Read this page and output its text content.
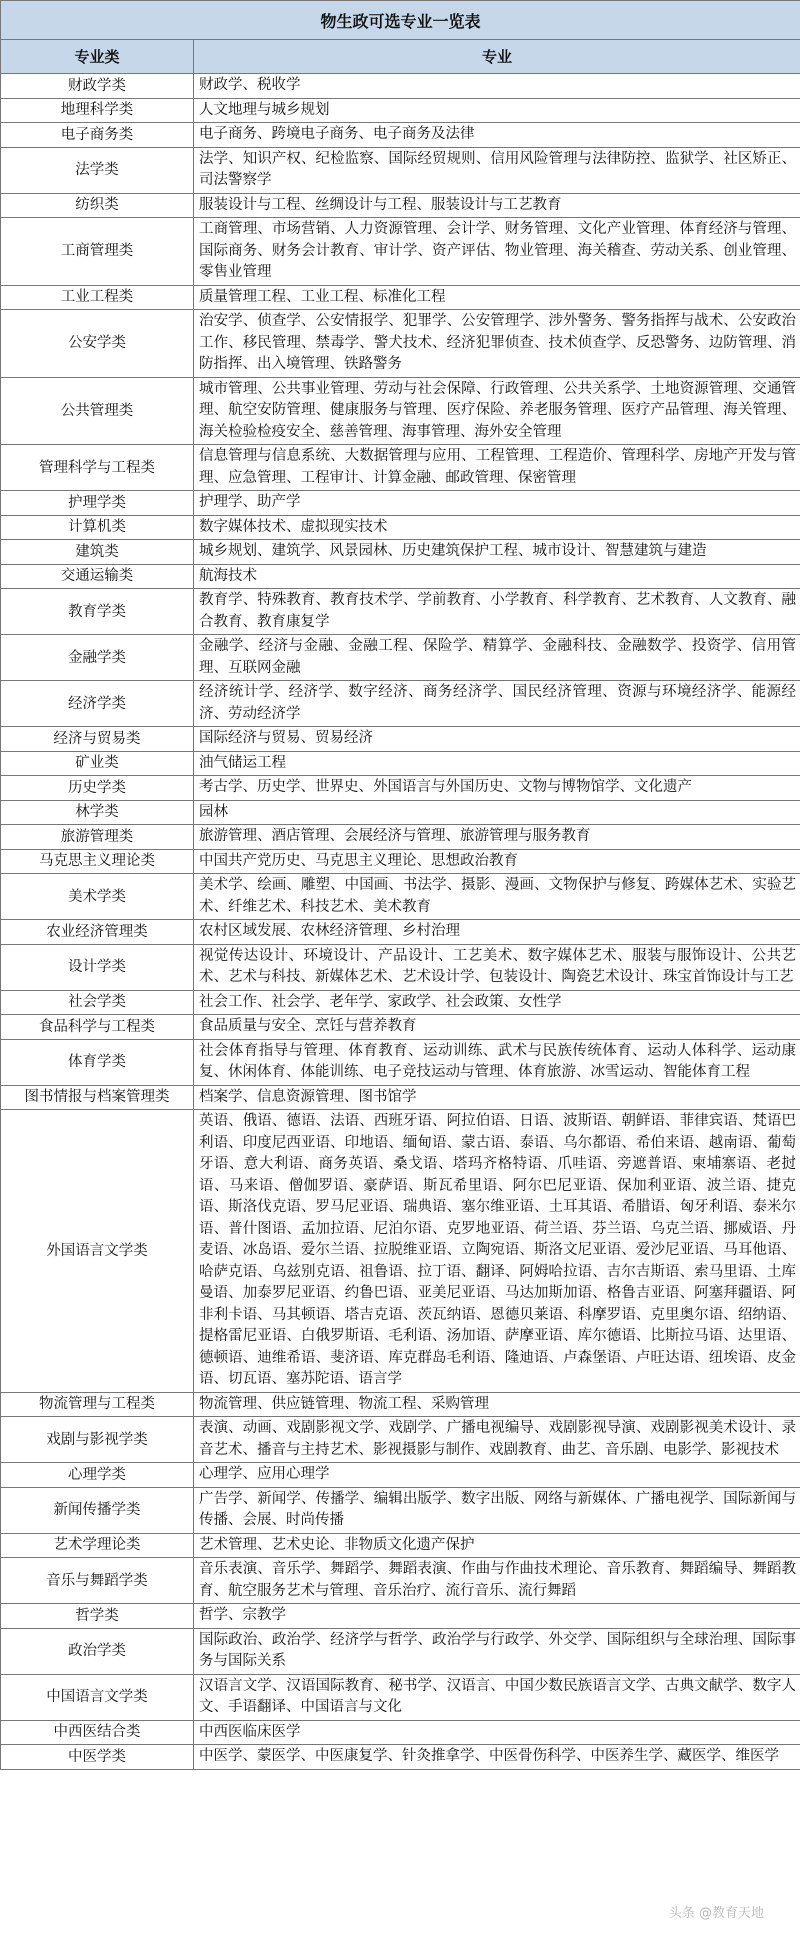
物生政可选专业一览表	
专业类	专业
财政学类	财政学、税收学
地理科学类	人文地理与城乡规划
电子商务类	电子商务、跨境电子商务、电子商务及法律
法学类	法学、知识产权、纪检监察、国际经贸规则、信用风险管理与法律防控、监狱学、社区矫正、司法警察学
纺织类	服装设计与工程、丝绸设计与工程、服装设计与工艺教育
工商管理类	工商管理、市场营销、人力资源管理、会计学、财务管理、文化产业管理、体育经济与管理、国际商务、财务会计教育、审计学、资产评估、物业管理、海关稽查、劳动关系、创业管理、零售业管理
工业工程类	质量管理工程、工业工程、标准化工程
公安学类	治安学、侦查学、公安情报学、犯罪学、公安管理学、涉外警务、警务指挥与战术、公安政治工作、移民管理、禁毒学、警犬技术、经济犯罪侦查、技术侦查学、反恐警务、边防管理、消防指挥、出入境管理、铁路警务
公共管理类	城市管理、公共事业管理、劳动与社会保障、行政管理、公共关系学、土地资源管理、交通管理、航空安防管理、健康服务与管理、医疗保险、养老服务管理、医疗产品管理、海关管理、海关检验检疫安全、慈善管理、海事管理、海外安全管理
管理科学与工程类	信息管理与信息系统、大数据管理与应用、工程管理、工程造价、管理科学、房地产开发与管理、应急管理、工程审计、计算金融、邮政管理、保密管理
护理学类	护理学、助产学
计算机类	数字媒体技术、虚拟现实技术
建筑类	城乡规划、建筑学、风景园林、历史建筑保护工程、城市设计、智慧建筑与建造
交通运输类	航海技术
教育学类	教育学、特殊教育、教育技术学、学前教育、小学教育、科学教育、艺术教育、人文教育、融合教育、教育康复学
金融学类	金融学、经济与金融、金融工程、保险学、精算学、金融科技、金融数学、投资学、信用管理、互联网金融
经济学类	经济统计学、经济学、数字经济、商务经济学、国民经济管理、资源与环境经济学、能源经济、劳动经济学
经济与贸易类	国际经济与贸易、贸易经济
矿业类	油气储运工程
历史学类	考古学、历史学、世界史、外国语言与外国历史、文物与博物馆学、文化遗产
林学类	园林
旅游管理类	旅游管理、酒店管理、会展经济与管理、旅游管理与服务教育
马克思主义理论类	中国共产党历史、马克思主义理论、思想政治教育
美术学类	美术学、绘画、雕塑、中国画、书法学、摄影、漫画、文物保护与修复、跨媒体艺术、实验艺术、纤维艺术、科技艺术、美术教育
农业经济管理类	农村区域发展、农林经济管理、乡村治理
设计学类	视觉传达设计、环境设计、产品设计、工艺美术、数字媒体艺术、服装与服饰设计、公共艺术、艺术与科技、新媒体艺术、艺术设计学、包装设计、陶瓷艺术设计、珠宝首饰设计与工艺
社会学类	社会工作、社会学、老年学、家政学、社会政策、女性学
食品科学与工程类	食品质量与安全、烹饪与营养教育
体育学类	社会体育指导与管理、体育教育、运动训练、武术与民族传统体育、运动人体科学、运动康复、休闲体育、体能训练、电子竞技运动与管理、体育旅游、冰雪运动、智能体育工程
图书情报与档案管理类	档案学、信息资源管理、图书馆学
外国语言文学类	英语、俄语、德语、法语、西班牙语、阿拉伯语、日语、波斯语、朝鲜语、菲律宾语、梵语巴利语、印度尼西亚语、印地语、缅甸语、蒙古语、泰语、乌尔都语、希伯来语、越南语、葡萄牙语、意大利语、商务英语、桑戈语、塔玛齐格特语、爪哇语、旁遮普语、柬埔寨语、老挝语、马来语、僧伽罗语、豪萨语、斯瓦希里语、阿尔巴尼亚语、保加利亚语、波兰语、捷克语、斯洛伐克语、罗马尼亚语、瑞典语、塞尔维亚语、土耳其语、希腊语、匈牙利语、泰米尔语、普什图语、孟加拉语、尼泊尔语、克罗地亚语、荷兰语、芬兰语、乌克兰语、挪威语、丹麦语、冰岛语、爱尔兰语、拉脱维亚语、立陶宛语、斯洛文尼亚语、爱沙尼亚语、马耳他语、哈萨克语、乌兹别克语、祖鲁语、拉丁语、翻译、阿姆哈拉语、吉尔吉斯语、索马里语、土库曼语、加泰罗尼亚语、约鲁巴语、亚美尼亚语、马达加斯加语、格鲁吉亚语、阿塞拜疆语、阿非利卡语、马其顿语、塔吉克语、茨瓦纳语、恩德贝莱语、科摩罗语、克里奥尔语、绍纳语、提格雷尼亚语、白俄罗斯语、毛利语、汤加语、萨摩亚语、库尔德语、比斯拉马语、达里语、德顿语、迪维希语、斐济语、库克群岛毛利语、隆迪语、卢森堡语、卢旺达语、纽埃语、皮金语、切瓦语、塞苏陀语、语言学
物流管理与工程类	物流管理、供应链管理、物流工程、采购管理
戏剧与影视学类	表演、动画、戏剧影视文学、戏剧学、广播电视编导、戏剧影视导演、戏剧影视美术设计、录音艺术、播音与主持艺术、影视摄影与制作、戏剧教育、曲艺、音乐剧、电影学、影视技术
心理学类	心理学、应用心理学
新闻传播学类	广告学、新闻学、传播学、编辑出版学、数字出版、网络与新媒体、广播电视学、国际新闻与传播、会展、时尚传播
艺术学理论类	艺术管理、艺术史论、非物质文化遗产保护
音乐与舞蹈学类	音乐表演、音乐学、舞蹈学、舞蹈表演、作曲与作曲技术理论、音乐教育、舞蹈编导、舞蹈教育、航空服务艺术与管理、音乐治疗、流行音乐、流行舞蹈
哲学类	哲学、宗教学
政治学类	国际政治、政治学、经济学与哲学、政治学与行政学、外交学、国际组织与全球治理、国际事务与国际关系
中国语言文学类	汉语言文学、汉语国际教育、秘书学、汉语言、中国少数民族语言文学、古典文献学、数字人文、手语翻译、中国语言与文化
中西医结合类	中西医临床医学
中医学类	中医学、蒙医学、中医康复学、针灸推拿学、中医骨伤科学、中医养生学、藏医学、维医学
头条 @教育天地
